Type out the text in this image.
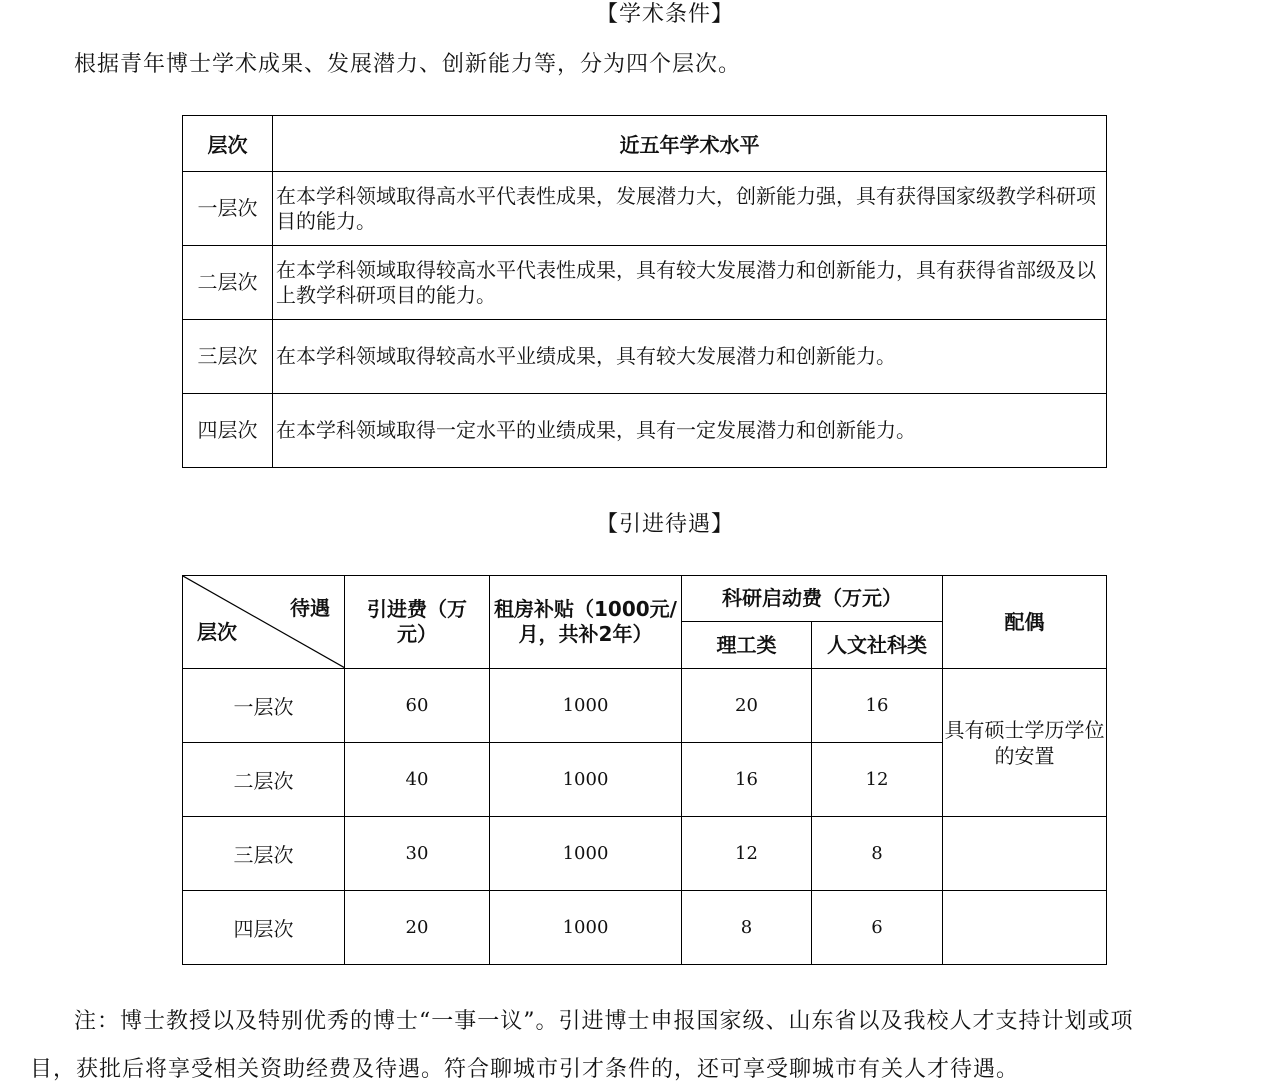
【学术条件】
根据青年博士学术成果、发展潜力、创新能力等，分为四个层次。
层次	近五年学术水平
一层次	在本学科领域取得高水平代表性成果，发展潜力大，创新能力强，具有获得国家级教学科研项目的能力。
二层次	在本学科领域取得较高水平代表性成果，具有较大发展潜力和创新能力，具有获得省部级及以上教学科研项目的能力。
三层次	在本学科领域取得较高水平业绩成果，具有较大发展潜力和创新能力。
四层次	在本学科领域取得一定水平的业绩成果，具有一定发展潜力和创新能力。
【引进待遇】
待遇
层次	引进费（万元）	租房补贴（1000元/月，共补2年）	科研启动费（万元）		配偶
			理工类	人文社科类	
一层次	60	1000	20	16	具有硕士学历学位的安置
二层次	40	1000	16	12	
三层次	30	1000	12	8	
四层次	20	1000	8	6	
注：博士教授以及特别优秀的博士“一事一议”。引进博士申报国家级、山东省以及我校人才支持计划或项
目，获批后将享受相关资助经费及待遇。符合聊城市引才条件的，还可享受聊城市有关人才待遇。
